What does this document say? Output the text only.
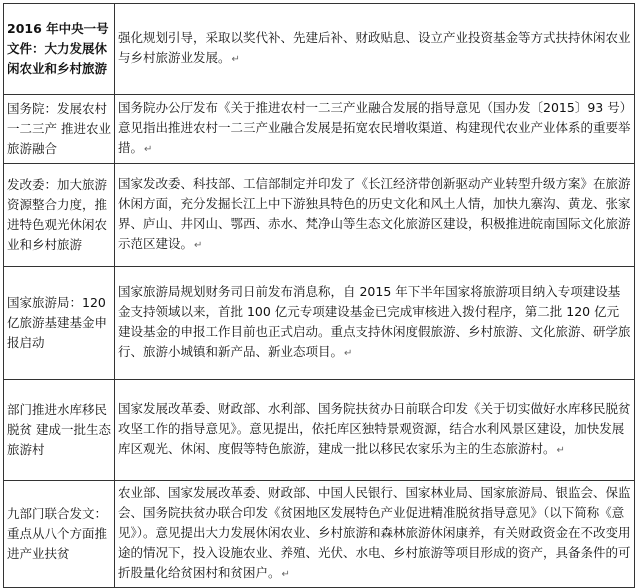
2016 年中央一号文件：大力发展休闲农业和乡村旅游	强化规划引导，采取以奖代补、先建后补、财政贴息、设立产业投资基金等方式扶持休闲农业与乡村旅游业发展。↵
国务院：发展农村一二三产 推进农业旅游融合	国务院办公厅发布《关于推进农村一二三产业融合发展的指导意见（国办发〔2015〕93 号）意见指出推进农村一二三产业融合发展是拓宽农民增收渠道、构建现代农业产业体系的重要举措。↵
发改委：加大旅游资源整合力度，推进特色观光休闲农业和乡村旅游	国家发改委、科技部、工信部制定并印发了《长江经济带创新驱动产业转型升级方案》在旅游休闲方面，充分发掘长江上中下游独具特色的历史文化和风土人情，加快九寨沟、黄龙、张家界、庐山、井冈山、鄂西、赤水、梵净山等生态文化旅游区建设，积极推进皖南国际文化旅游示范区建设。↵
国家旅游局：120 亿旅游基建基金申报启动	国家旅游局规划财务司日前发布消息称，自 2015 年下半年国家将旅游项目纳入专项建设基金支持领域以来，首批 100 亿元专项建设基金已完成审核进入拨付程序，第二批 120 亿元建设基金的申报工作目前也正式启动。重点支持休闲度假旅游、乡村旅游、文化旅游、研学旅行、旅游小城镇和新产品、新业态项目。↵
部门推进水库移民脱贫 建成一批生态旅游村	国家发展改革委、财政部、水利部、国务院扶贫办日前联合印发《关于切实做好水库移民脱贫攻坚工作的指导意见》。意见提出，依托库区独特景观资源，结合水利风景区建设，加快发展库区观光、休闲、度假等特色旅游，建成一批以移民农家乐为主的生态旅游村。↵
九部门联合发文：重点从八个方面推进产业扶贫	农业部、国家发展改革委、财政部、中国人民银行、国家林业局、国家旅游局、银监会、保监会、国务院扶贫办联合印发《贫困地区发展特色产业促进精准脱贫指导意见》（以下简称《意见》）。意见提出大力发展休闲农业、乡村旅游和森林旅游休闲康养，有关财政资金在不改变用途的情况下，投入设施农业、养殖、光伏、水电、乡村旅游等项目形成的资产，具备条件的可折股量化给贫困村和贫困户。↵
